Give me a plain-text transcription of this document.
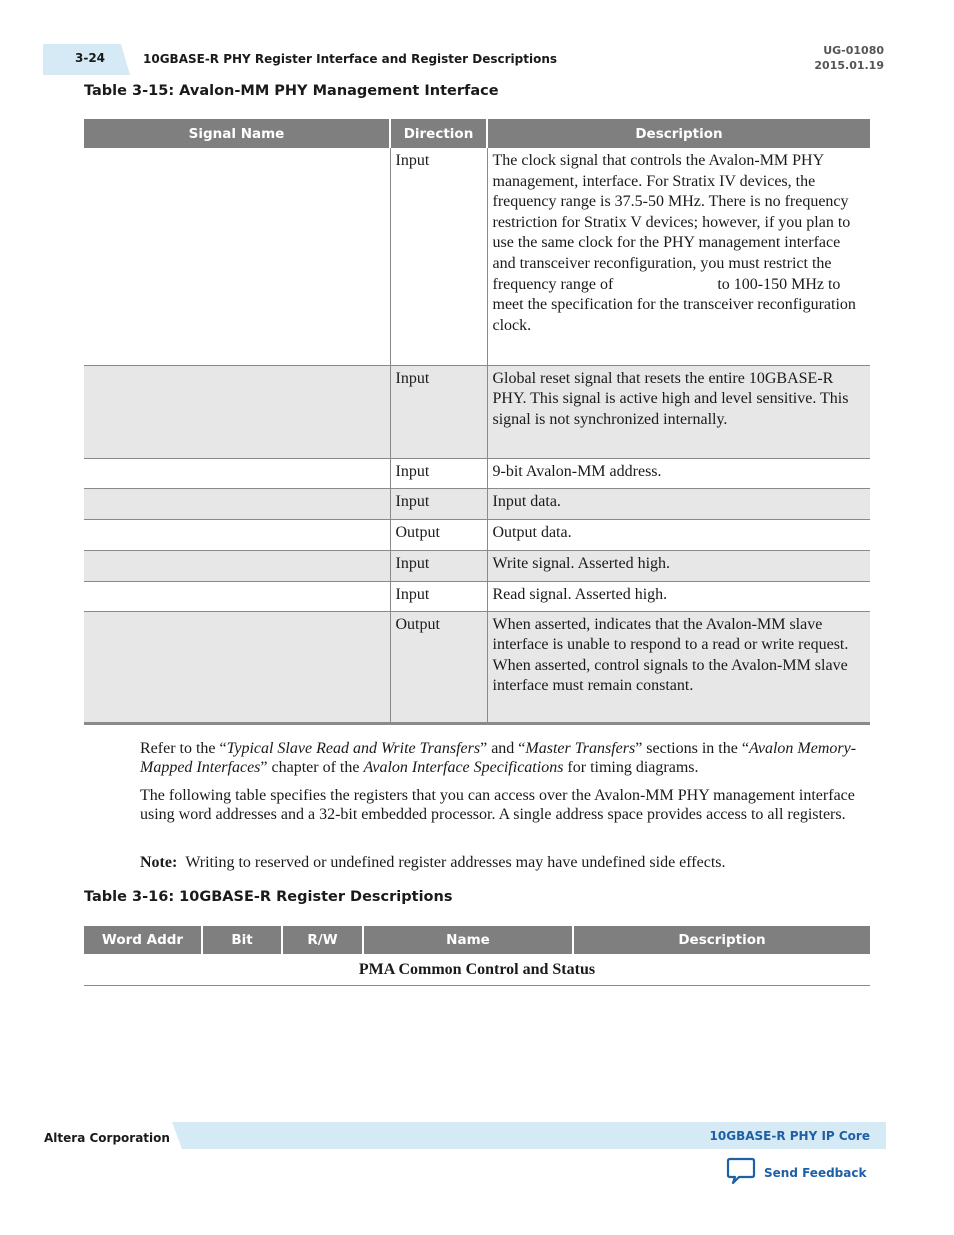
3-24	10GBASE-R PHY Register Interface and Register Descriptions
UG-01080
2015.01.19
Table 3-15: Avalon-MM PHY Management Interface
Signal Name	Direction	Description
	Input	The clock signal that controls the Avalon-MM PHY management, interface. For Stratix IV devices, the frequency range is 37.5-50 MHz. There is no frequency restriction for Stratix V devices; however, if you plan to use the same clock for the PHY management interface and transceiver reconfiguration, you must restrict the frequency range of to 100-150 MHz to meet the specification for the transceiver reconfiguration clock.
	Input	Global reset signal that resets the entire 10GBASE-R PHY. This signal is active high and level sensitive. This signal is not synchronized internally.
	Input	9-bit Avalon-MM address.
	Input	Input data.
	Output	Output data.
	Input	Write signal. Asserted high.
	Input	Read signal. Asserted high.
	Output	When asserted, indicates that the Avalon-MM slave interface is unable to respond to a read or write request. When asserted, control signals to the Avalon-MM slave interface must remain constant.
Refer to the “Typical Slave Read and Write Transfers” and “Master Transfers” sections in the “Avalon Memory-Mapped Interfaces” chapter of the Avalon Interface Specifications for timing diagrams.
The following table specifies the registers that you can access over the Avalon-MM PHY management interface using word addresses and a 32-bit embedded processor. A single address space provides access to all registers.
Note: Writing to reserved or undefined register addresses may have undefined side effects.
Table 3-16: 10GBASE-R Register Descriptions
Word Addr	Bit	R/W	Name	Description
PMA Common Control and Status
Altera Corporation	10GBASE-R PHY IP Core
Send Feedback
